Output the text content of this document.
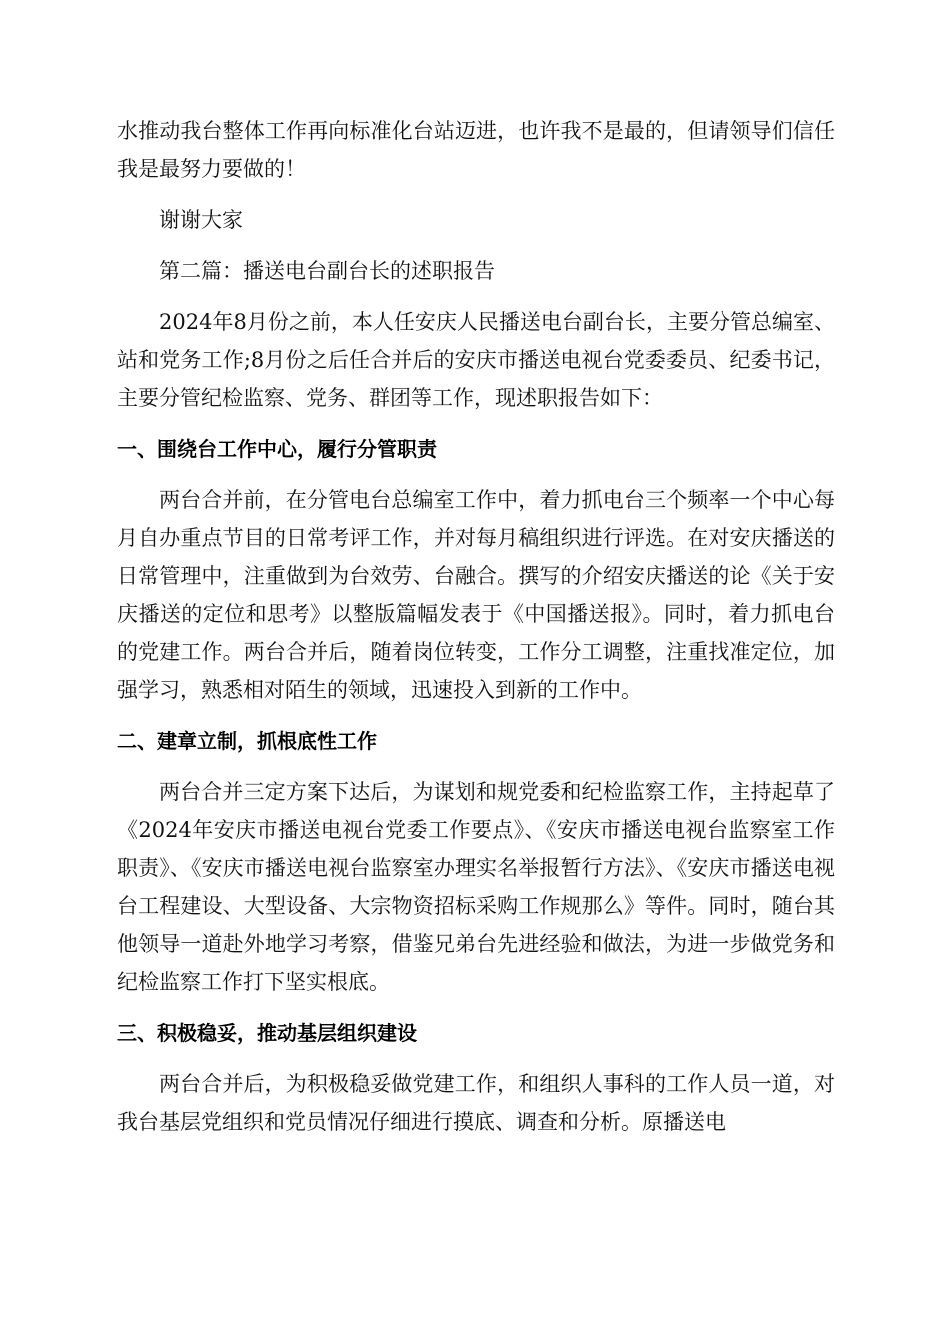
水推动我台整体工作再向标准化台站迈进，也许我不是最的，但请领导们信任我是最努力要做的！

谢谢大家

第二篇：播送电台副台长的述职报告

2024年8月份之前，本人任安庆人民播送电台副台长，主要分管总编室、站和党务工作;8月份之后任合并后的安庆市播送电视台党委委员、纪委书记，主要分管纪检监察、党务、群团等工作，现述职报告如下：

一、围绕台工作中心，履行分管职责

两台合并前，在分管电台总编室工作中，着力抓电台三个频率一个中心每月自办重点节目的日常考评工作，并对每月稿组织进行评选。在对安庆播送的日常管理中，注重做到为台效劳、台融合。撰写的介绍安庆播送的论《关于安庆播送的定位和思考》以整版篇幅发表于《中国播送报》。同时，着力抓电台的党建工作。两台合并后，随着岗位转变，工作分工调整，注重找准定位，加强学习，熟悉相对陌生的领域，迅速投入到新的工作中。

二、建章立制，抓根底性工作

两台合并三定方案下达后，为谋划和规党委和纪检监察工作，主持起草了《2024年安庆市播送电视台党委工作要点》、《安庆市播送电视台监察室工作职责》、《安庆市播送电视台监察室办理实名举报暂行方法》、《安庆市播送电视台工程建设、大型设备、大宗物资招标采购工作规那么》等件。同时，随台其他领导一道赴外地学习考察，借鉴兄弟台先进经验和做法，为进一步做党务和纪检监察工作打下坚实根底。

三、积极稳妥，推动基层组织建设

两台合并后，为积极稳妥做党建工作，和组织人事科的工作人员一道，对我台基层党组织和党员情况仔细进行摸底、调查和分析。原播送电
